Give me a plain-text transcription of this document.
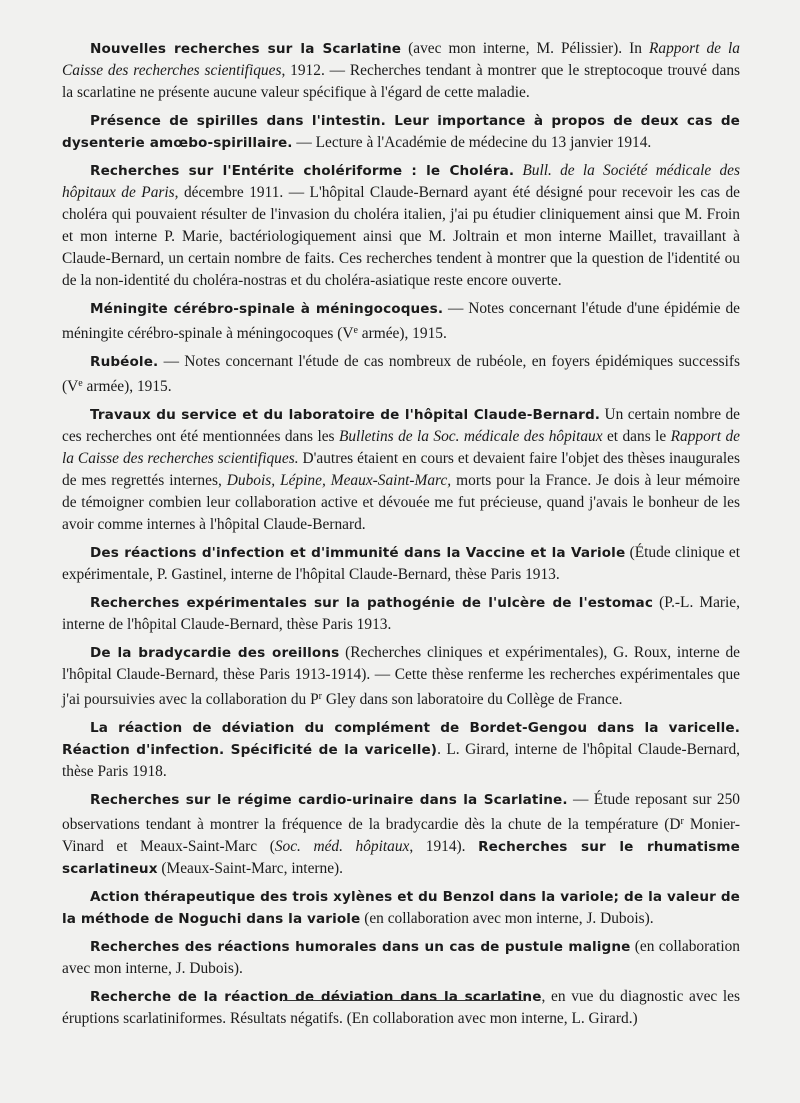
Nouvelles recherches sur la Scarlatine (avec mon interne, M. Pélissier). In Rapport de la Caisse des recherches scientifiques, 1912. — Recherches tendant à montrer que le streptocoque trouvé dans la scarlatine ne présente aucune valeur spécifique à l'égard de cette maladie.

Présence de spirilles dans l'intestin. Leur importance à propos de deux cas de dysenterie amœbo-spirillaire. — Lecture à l'Académie de médecine du 13 janvier 1914.

Recherches sur l'Entérite cholériforme : le Choléra. Bull. de la Société médicale des hôpitaux de Paris, décembre 1911. — L'hôpital Claude-Bernard ayant été désigné pour recevoir les cas de choléra qui pouvaient résulter de l'invasion du choléra italien, j'ai pu étudier cliniquement ainsi que M. Froin et mon interne P. Marie, bactériologiquement ainsi que M. Joltrain et mon interne Maillet, travaillant à Claude-Bernard, un certain nombre de faits. Ces recherches tendent à montrer que la question de l'identité ou de la non-identité du choléra-nostras et du choléra-asiatique reste encore ouverte.

Méningite cérébro-spinale à méningocoques. — Notes concernant l'étude d'une épidémie de méningite cérébro-spinale à méningocoques (Ve armée), 1915.

Rubéole. — Notes concernant l'étude de cas nombreux de rubéole, en foyers épidémiques successifs (Ve armée), 1915.

Travaux du service et du laboratoire de l'hôpital Claude-Bernard. Un certain nombre de ces recherches ont été mentionnées dans les Bulletins de la Soc. médicale des hôpitaux et dans le Rapport de la Caisse des recherches scientifiques. D'autres étaient en cours et devaient faire l'objet des thèses inaugurales de mes regrettés internes, Dubois, Lépine, Meaux-Saint-Marc, morts pour la France. Je dois à leur mémoire de témoigner combien leur collaboration active et dévouée me fut précieuse, quand j'avais le bonheur de les avoir comme internes à l'hôpital Claude-Bernard.

Des réactions d'infection et d'immunité dans la Vaccine et la Variole (Étude clinique et expérimentale, P. Gastinel, interne de l'hôpital Claude-Bernard, thèse Paris 1913.

Recherches expérimentales sur la pathogénie de l'ulcère de l'estomac (P.-L. Marie, interne de l'hôpital Claude-Bernard, thèse Paris 1913.

De la bradycardie des oreillons (Recherches cliniques et expérimentales), G. Roux, interne de l'hôpital Claude-Bernard, thèse Paris 1913-1914). — Cette thèse renferme les recherches expérimentales que j'ai poursuivies avec la collaboration du $P^r$ Gley dans son laboratoire du Collège de France.

La réaction de déviation du complément de Bordet-Gengou dans la varicelle. Réaction d'infection. Spécificité de la varicelle). L. Girard, interne de l'hôpital Claude-Bernard, thèse Paris 1918.

Recherches sur le régime cardio-urinaire dans la Scarlatine. — Étude reposant sur 250 observations tendant à montrer la fréquence de la bradycardie dès la chute de la température ($D^r$ Monier-Vinard et Meaux-Saint-Marc (Soc. méd. hôpitaux, 1914). Recherches sur le rhumatisme scarlatineux (Meaux-Saint-Marc, interne).

Action thérapeutique des trois xylènes et du Benzol dans la variole; de la valeur de la méthode de Noguchi dans la variole (en collaboration avec mon interne, J. Dubois).

Recherches des réactions humorales dans un cas de pustule maligne (en collaboration avec mon interne, J. Dubois).

Recherche de la réaction de déviation dans la scarlatine, en vue du diagnostic avec les éruptions scarlatiniformes. Résultats négatifs. (En collaboration avec mon interne, L. Girard.)
